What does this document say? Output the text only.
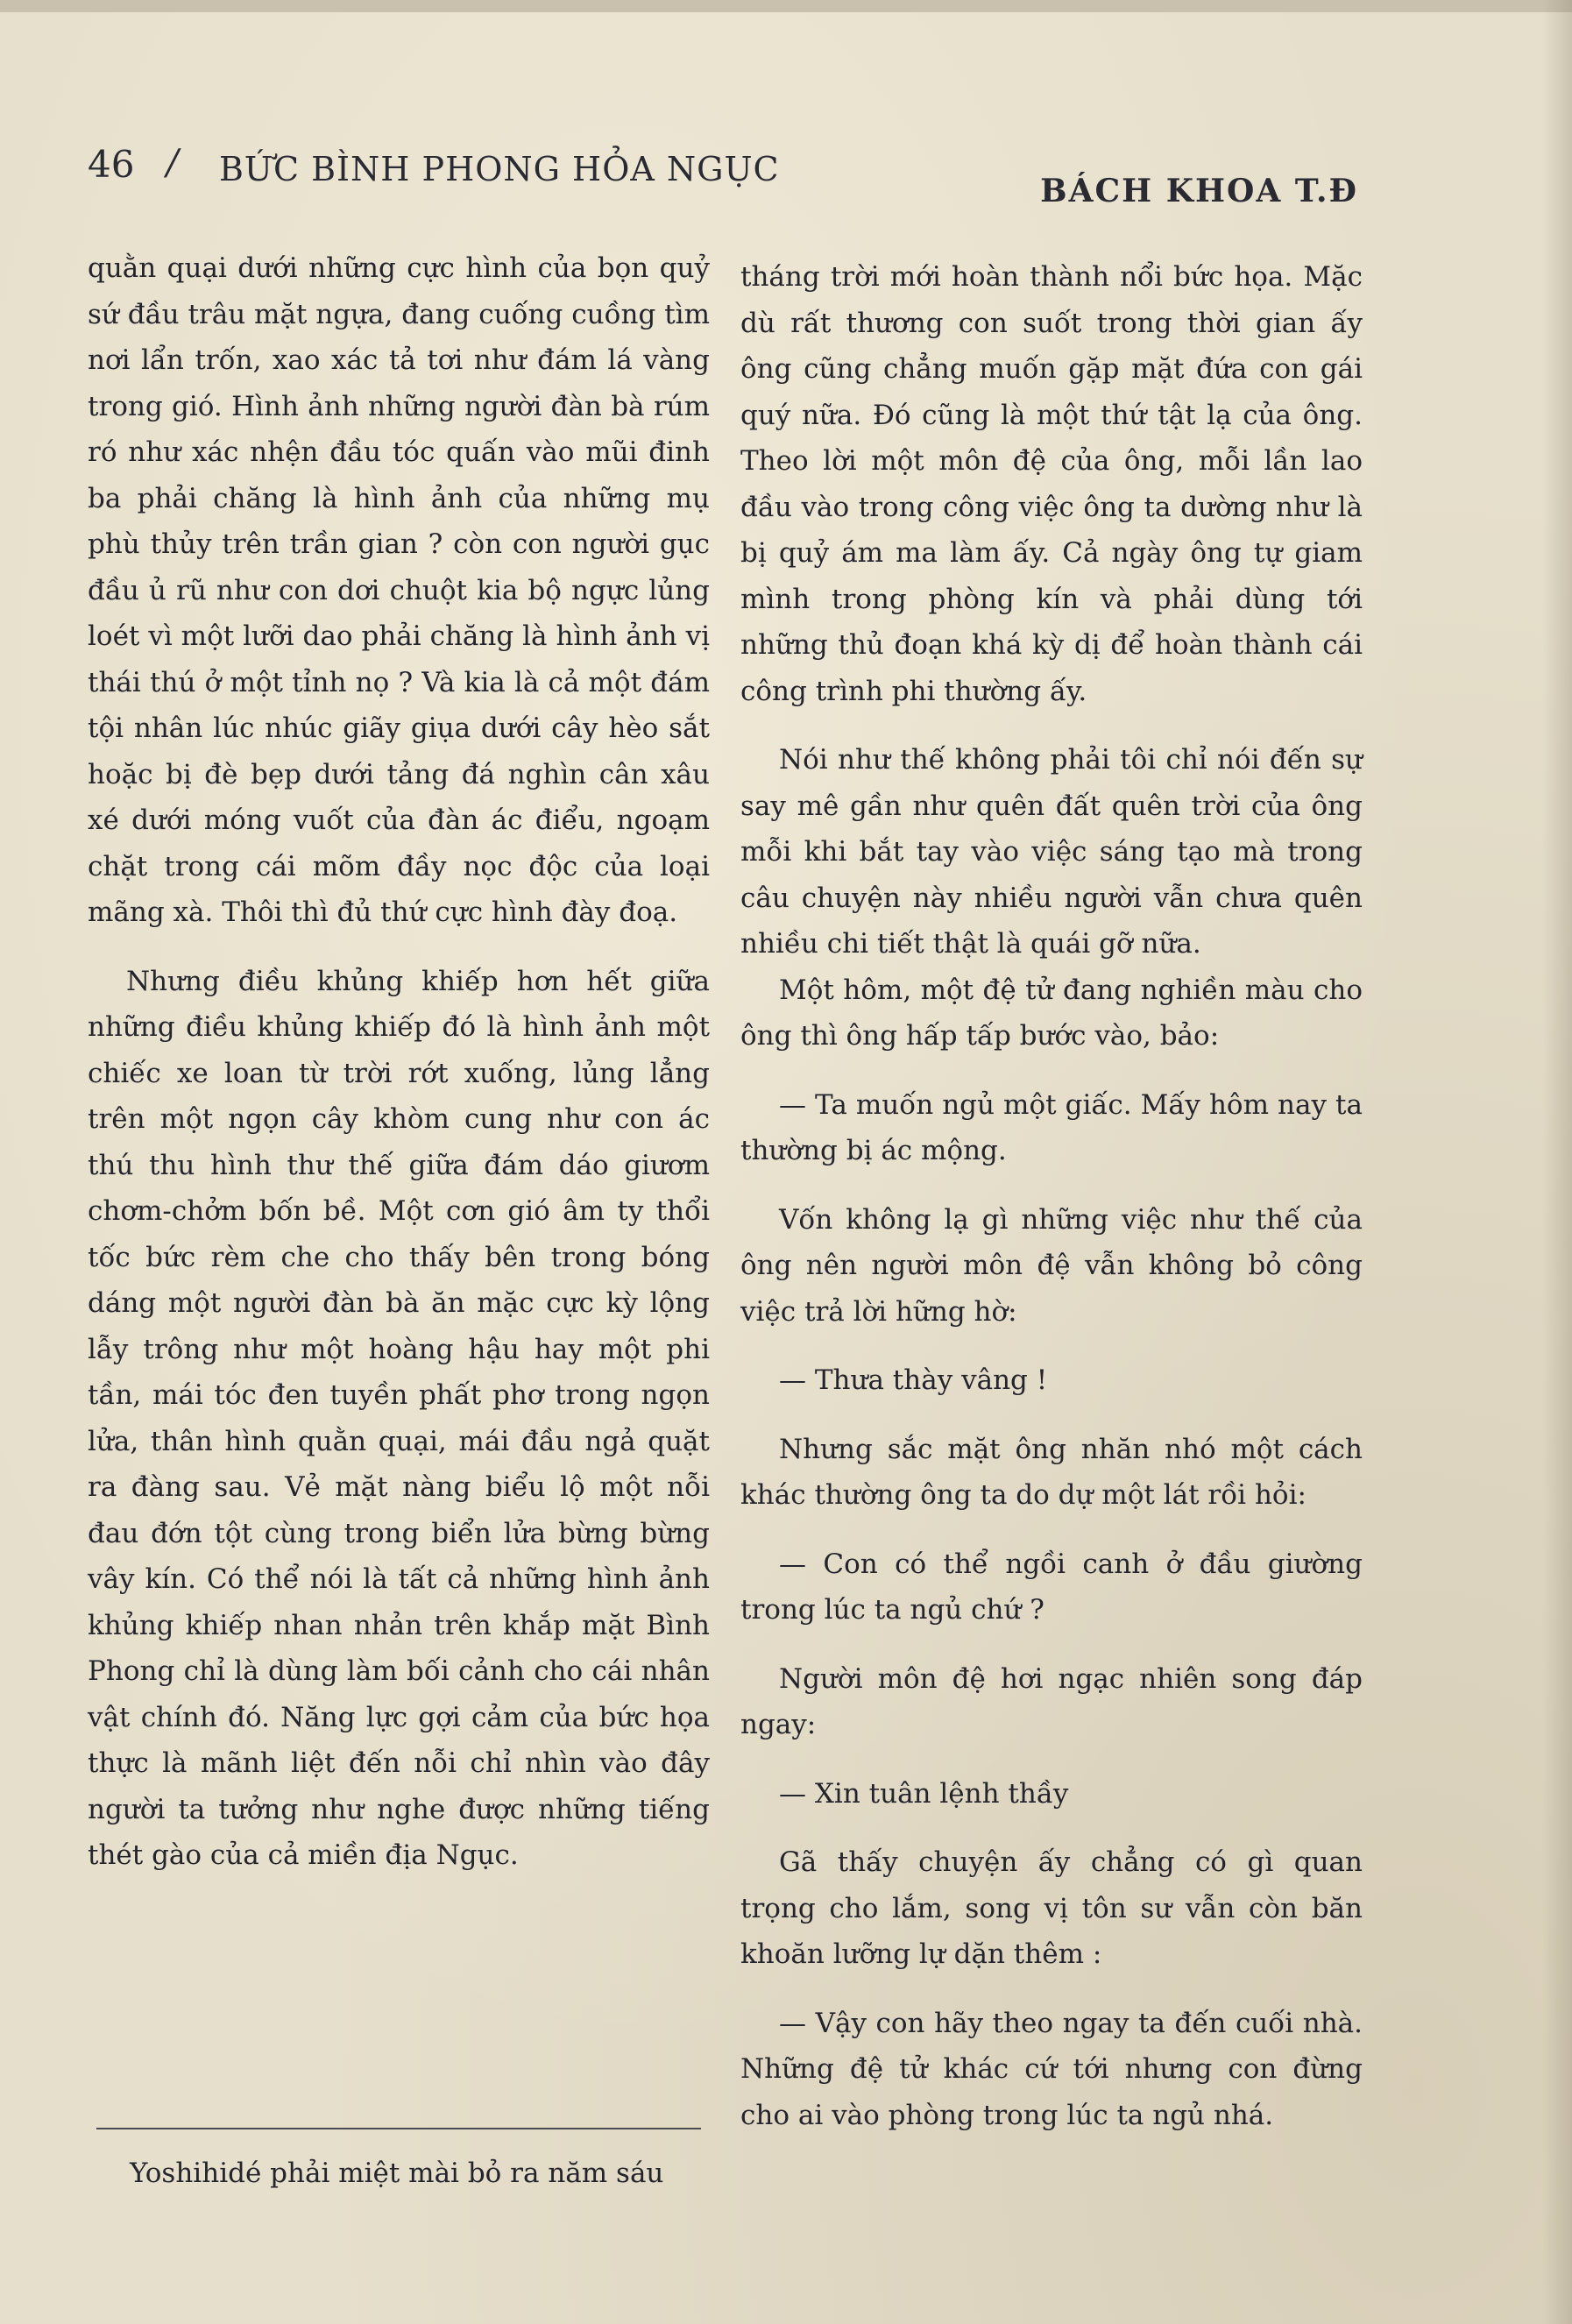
46 / BỨC BÌNH PHONG HỎA NGỤC
BÁCH KHOA T.Đ

quằn quại dưới những cực hình của bọn quỷ sứ đầu trâu mặt ngựa, đang cuống cuồng tìm nơi lẩn trốn, xao xác tả tơi như đám lá vàng trong gió. Hình ảnh những người đàn bà rúm ró như xác nhện đầu tóc quấn vào mũi đinh ba phải chăng là hình ảnh của những mụ phù thủy trên trần gian ? còn con người gục đầu ủ rũ như con dơi chuột kia bộ ngực lủng loét vì một lưỡi dao phải chăng là hình ảnh vị thái thú ở một tỉnh nọ ? Và kia là cả một đám tội nhân lúc nhúc giãy giụa dưới cây hèo sắt hoặc bị đè bẹp dưới tảng đá nghìn cân xâu xé dưới móng vuốt của đàn ác điểu, ngoạm chặt trong cái mõm đầy nọc độc của loại mãng xà. Thôi thì đủ thứ cực hình đày đoạ.

Nhưng điều khủng khiếp hơn hết giữa những điều khủng khiếp đó là hình ảnh một chiếc xe loan từ trời rớt xuống, lủng lẳng trên một ngọn cây khòm cung như con ác thú thu hình thư thế giữa đám dáo giươm chơm-chởm bốn bề. Một cơn gió âm ty thổi tốc bức rèm che cho thấy bên trong bóng dáng một người đàn bà ăn mặc cực kỳ lộng lẫy trông như một hoàng hậu hay một phi tần, mái tóc đen tuyền phất phơ trong ngọn lửa, thân hình quằn quại, mái đầu ngả quặt ra đàng sau. Vẻ mặt nàng biểu lộ một nỗi đau đớn tột cùng trong biển lửa bừng bừng vây kín. Có thể nói là tất cả những hình ảnh khủng khiếp nhan nhản trên khắp mặt Bình Phong chỉ là dùng làm bối cảnh cho cái nhân vật chính đó. Năng lực gợi cảm của bức họa thực là mãnh liệt đến nỗi chỉ nhìn vào đây người ta tưởng như nghe được những tiếng thét gào của cả miền địa Ngục.

Yoshihidé phải miệt mài bỏ ra năm sáu

tháng trời mới hoàn thành nổi bức họa. Mặc dù rất thương con suốt trong thời gian ấy ông cũng chẳng muốn gặp mặt đứa con gái quý nữa. Đó cũng là một thứ tật lạ của ông. Theo lời một môn đệ của ông, mỗi lần lao đầu vào trong công việc ông ta dường như là bị quỷ ám ma làm ấy. Cả ngày ông tự giam mình trong phòng kín và phải dùng tới những thủ đoạn khá kỳ dị để hoàn thành cái công trình phi thường ấy.

Nói như thế không phải tôi chỉ nói đến sự say mê gần như quên đất quên trời của ông mỗi khi bắt tay vào việc sáng tạo mà trong câu chuyện này nhiều người vẫn chưa quên nhiều chi tiết thật là quái gỡ nữa.

Một hôm, một đệ tử đang nghiền màu cho ông thì ông hấp tấp bước vào, bảo:

— Ta muốn ngủ một giấc. Mấy hôm nay ta thường bị ác mộng.

Vốn không lạ gì những việc như thế của ông nên người môn đệ vẫn không bỏ công việc trả lời hững hờ:

— Thưa thày vâng !

Nhưng sắc mặt ông nhăn nhó một cách khác thường ông ta do dự một lát rồi hỏi:

— Con có thể ngồi canh ở đầu giường trong lúc ta ngủ chứ ?

Người môn đệ hơi ngạc nhiên song đáp ngay:

— Xin tuân lệnh thầy

Gã thấy chuyện ấy chẳng có gì quan trọng cho lắm, song vị tôn sư vẫn còn băn khoăn lưỡng lự dặn thêm :

— Vậy con hãy theo ngay ta đến cuối nhà. Những đệ tử khác cứ tới nhưng con đừng cho ai vào phòng trong lúc ta ngủ nhá.
